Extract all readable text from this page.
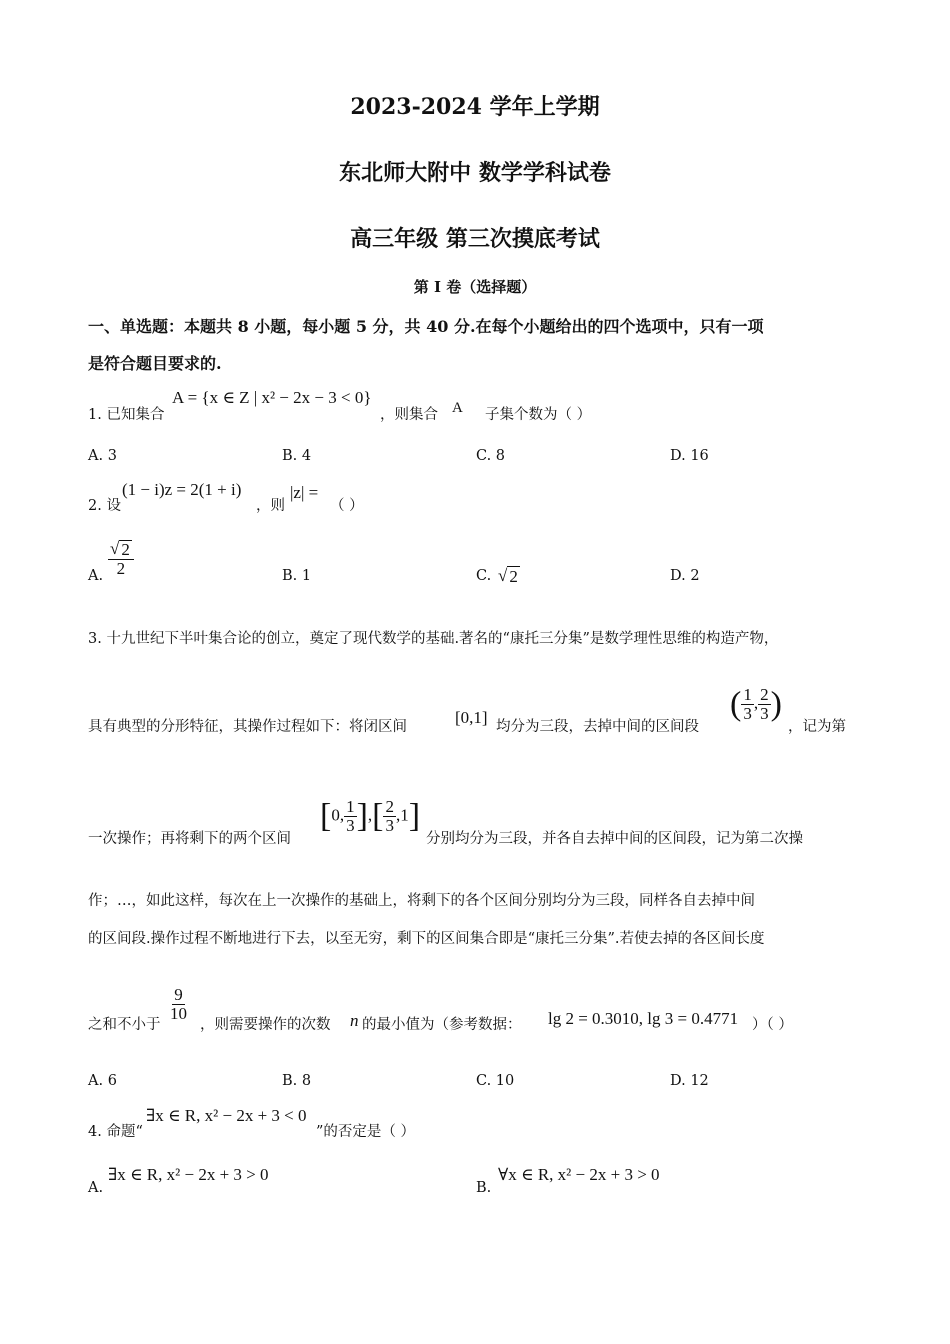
2023-2024 学年上学期
东北师大附中 数学学科试卷
高三年级 第三次摸底考试
第 I 卷（选择题）
一、单选题：本题共 8 小题，每小题 5 分，共 40 分.在每个小题给出的四个选项中，只有一项
是符合题目要求的.
1. 已知集合
A = {x ∈ Z | x² − 2x − 3 < 0}
，则集合 A 子集个数为（ ）
A. 3	B. 4	C. 8	D. 16
2. 设
(1 − i)z = 2(1 + i)
，则
|z| =
（ ）
A. $\frac{√ 2}{2}$	B. 1	C. √ 2	D. 2
3. 十九世纪下半叶集合论的创立，奠定了现代数学的基础.著名的“康托三分集”是数学理性思维的构造产物，
具有典型的分形特征，其操作过程如下：将闭区间	[0,1] 均分为三段，去掉中间的区间段
( $\frac{1}{3}$ , $\frac{2}{3}$ )
，记为第
一次操作；再将剩下的两个区间
[0, $\frac{1}{3}$ ],[ $\frac{2}{3} ,1$]
分别均分为三段，并各自去掉中间的区间段，记为第二次操
作；…，如此这样，每次在上一次操作的基础上，将剩下的各个区间分别均分为三段，同样各自去掉中间
的区间段.操作过程不断地进行下去，以至无穷，剩下的区间集合即是“康托三分集”.若使去掉的各区间长度
之和不小于
$\frac{9}{10}$
，则需要操作的次数 n 的最小值为（参考数据： lg 2 = 0.3010, lg 3 = 0.4771 ）（ ）
A. 6	B. 8	C. 10	D. 12
4. 命题“
∃x ∈ R, x² − 2x + 3 < 0
”的否定是（ ）
A.
∃x ∈ R, x² − 2x + 3 > 0
B.
∀x ∈ R, x² − 2x + 3 > 0
